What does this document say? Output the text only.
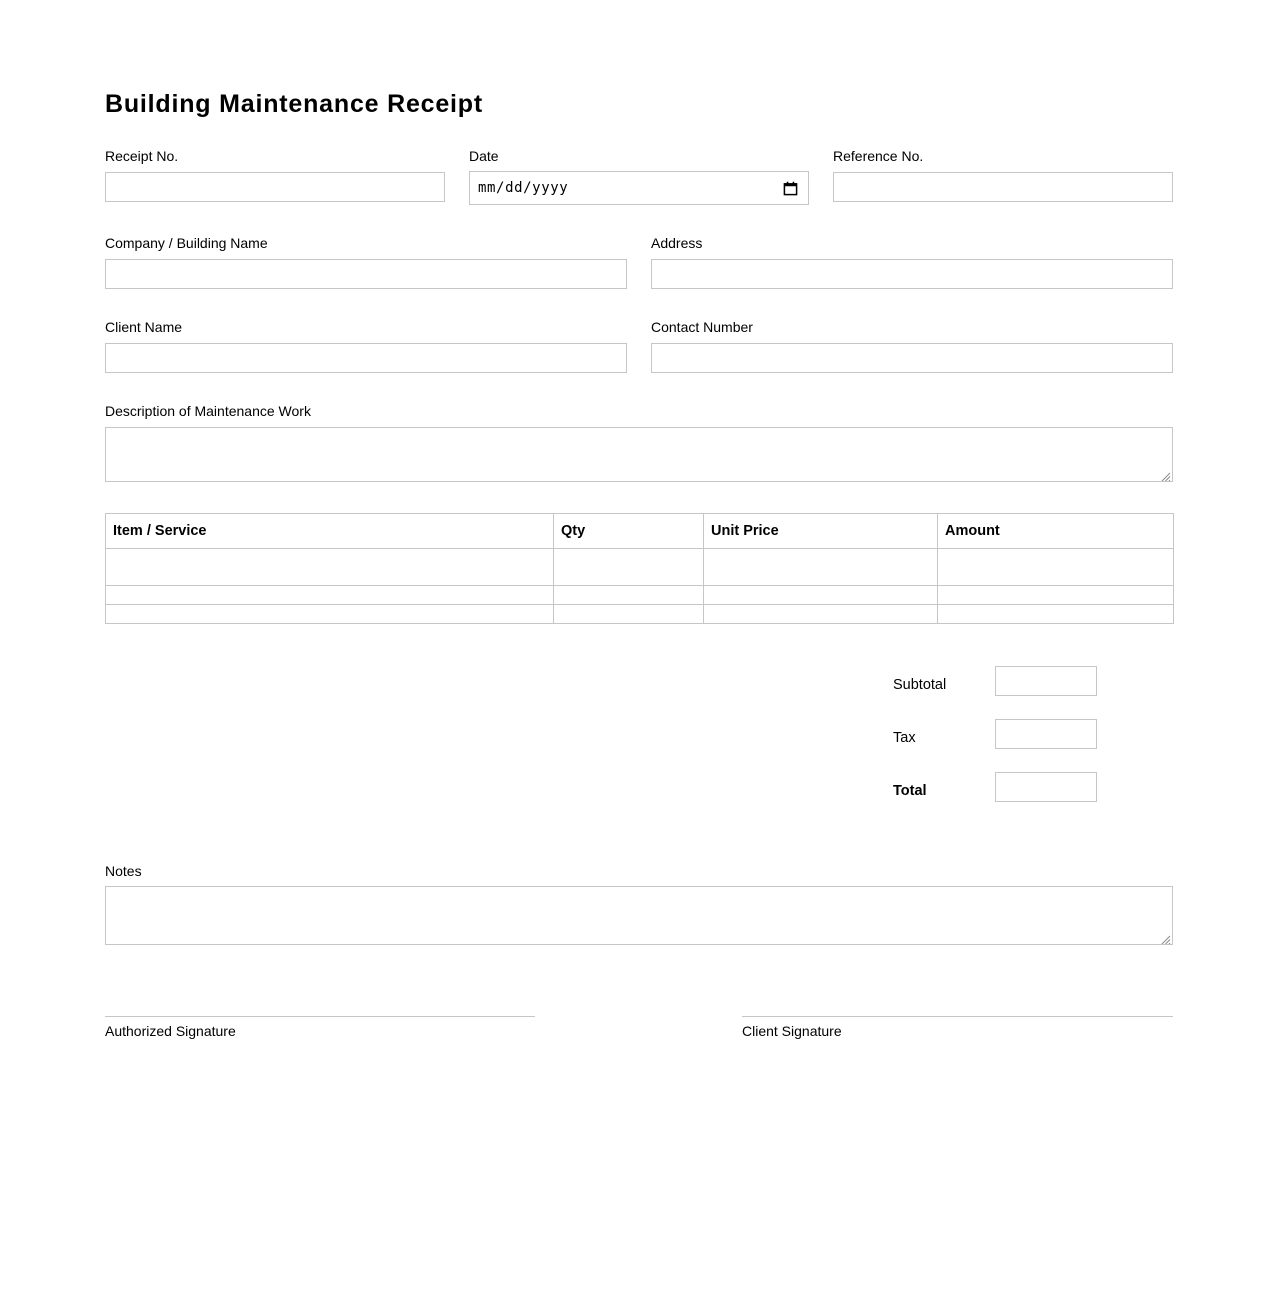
Building Maintenance Receipt
Receipt No.	Date
mm/dd/yyyy
Reference No.
Company / Building Name	Address
Client Name	Contact Number
Description of Maintenance Work
Item / Service	Qty	Unit Price	Amount

Subtotal
Tax
Total
Notes
Authorized Signature	Client Signature
